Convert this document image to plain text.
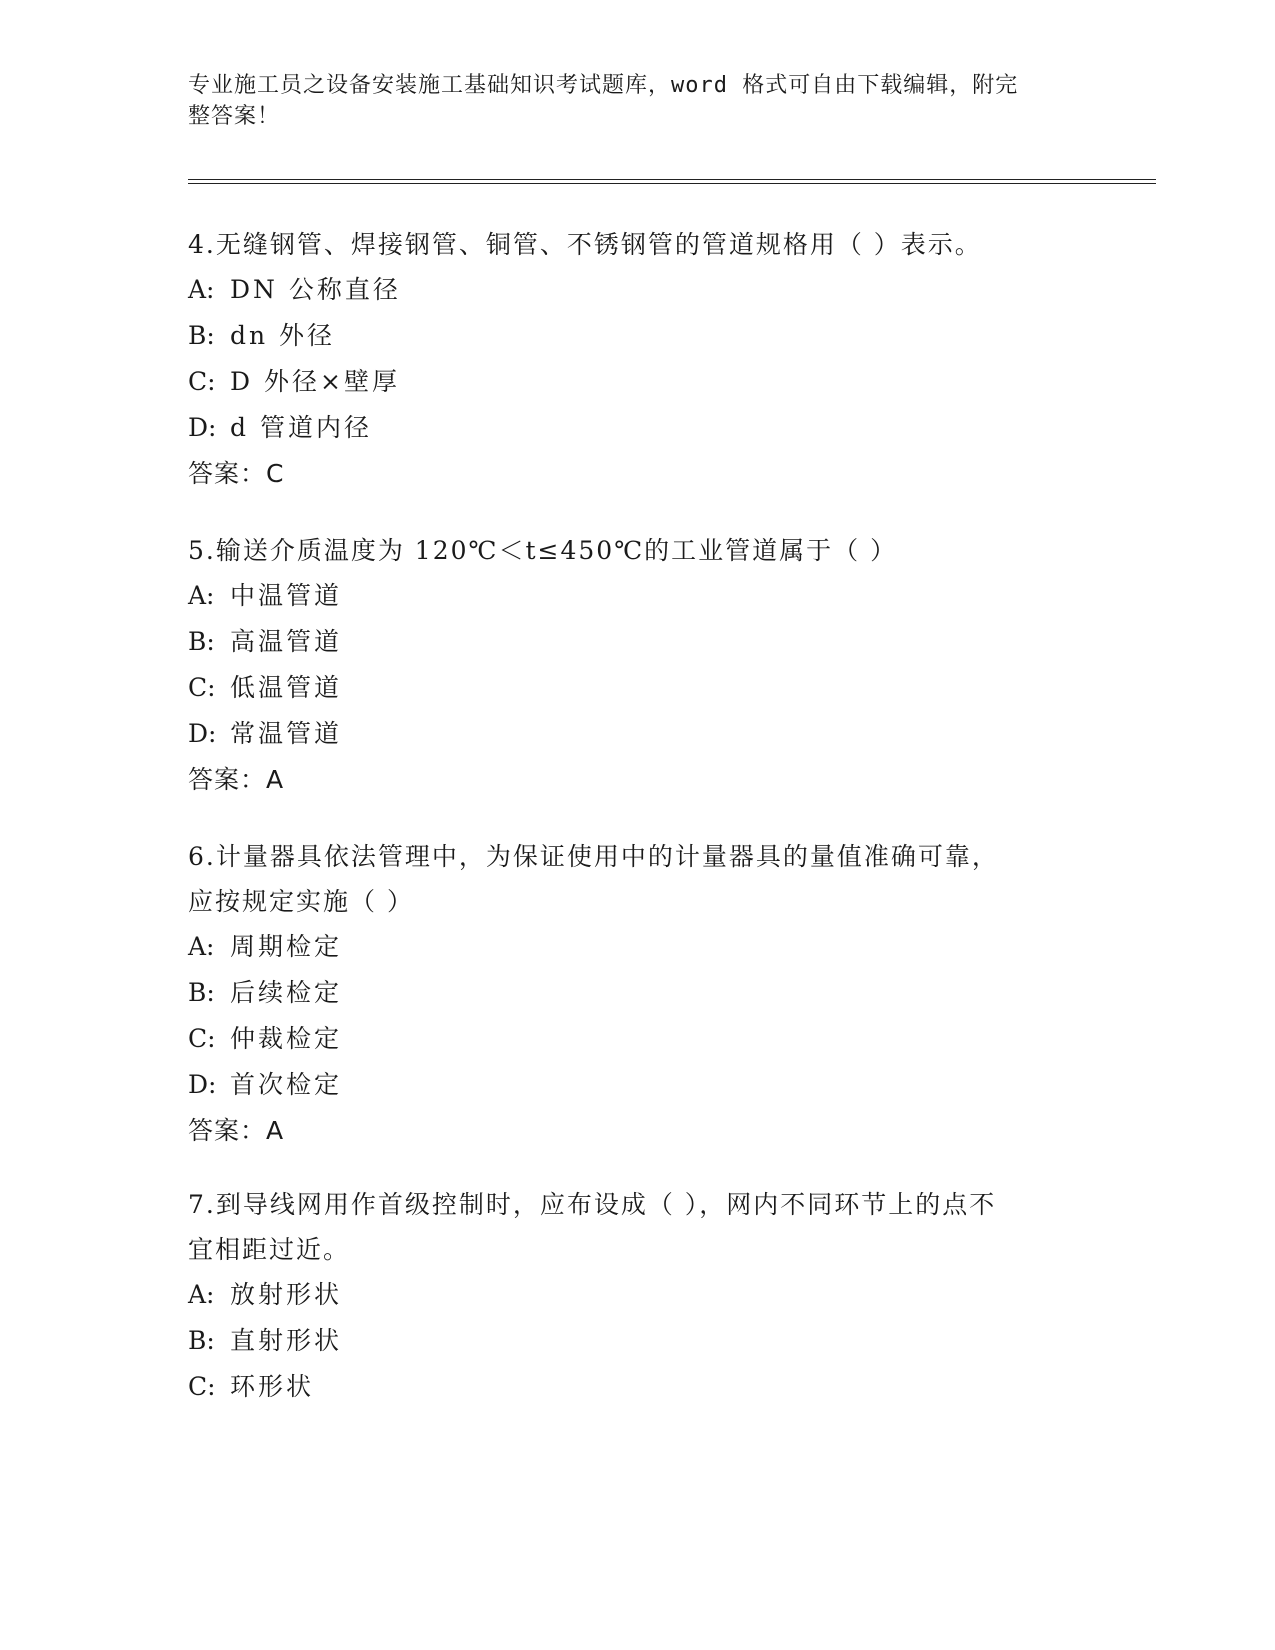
专业施工员之设备安装施工基础知识考试题库，word 格式可自由下载编辑，附完
整答案！
4.无缝钢管、焊接钢管、铜管、不锈钢管的管道规格用（ ）表示。
A: DN 公称直径
B: dn 外径
C: D 外径×壁厚
D: d 管道内径
答案：C
5.输送介质温度为 120℃＜t≤450℃的工业管道属于（ ）
A: 中温管道
B: 高温管道
C: 低温管道
D: 常温管道
答案：A
6.计量器具依法管理中，为保证使用中的计量器具的量值准确可靠，
应按规定实施（ ）
A: 周期检定
B: 后续检定
C: 仲裁检定
D: 首次检定
答案：A
7.到导线网用作首级控制时，应布设成（ ），网内不同环节上的点不
宜相距过近。
A: 放射形状
B: 直射形状
C: 环形状
